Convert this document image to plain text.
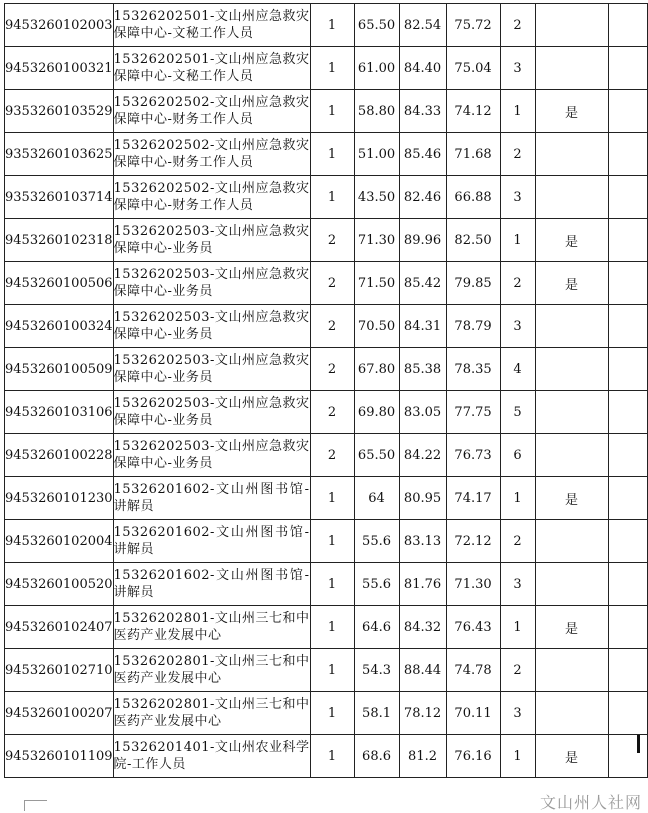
9453260102003	15326202501-文山州应急救灾保障中心-文秘工作人员	1	65.50	82.54	75.72	2		
9453260100321	15326202501-文山州应急救灾保障中心-文秘工作人员	1	61.00	84.40	75.04	3		
9353260103529	15326202502-文山州应急救灾保障中心-财务工作人员	1	58.80	84.33	74.12	1	是	
9353260103625	15326202502-文山州应急救灾保障中心-财务工作人员	1	51.00	85.46	71.68	2		
9353260103714	15326202502-文山州应急救灾保障中心-财务工作人员	1	43.50	82.46	66.88	3		
9453260102318	15326202503-文山州应急救灾保障中心-业务员	2	71.30	89.96	82.50	1	是	
9453260100506	15326202503-文山州应急救灾保障中心-业务员	2	71.50	85.42	79.85	2	是	
9453260100324	15326202503-文山州应急救灾保障中心-业务员	2	70.50	84.31	78.79	3		
9453260100509	15326202503-文山州应急救灾保障中心-业务员	2	67.80	85.38	78.35	4		
9453260103106	15326202503-文山州应急救灾保障中心-业务员	2	69.80	83.05	77.75	5		
9453260100228	15326202503-文山州应急救灾保障中心-业务员	2	65.50	84.22	76.73	6		
9453260101230	15326201602-文山州图书馆-讲解员	1	64	80.95	74.17	1	是	
9453260102004	15326201602-文山州图书馆-讲解员	1	55.6	83.13	72.12	2		
9453260100520	15326201602-文山州图书馆-讲解员	1	55.6	81.76	71.30	3		
9453260102407	15326202801-文山州三七和中医药产业发展中心	1	64.6	84.32	76.43	1	是	
9453260102710	15326202801-文山州三七和中医药产业发展中心	1	54.3	88.44	74.78	2		
9453260100207	15326202801-文山州三七和中医药产业发展中心	1	58.1	78.12	70.11	3		
9453260101109	15326201401-文山州农业科学院-工作人员	1	68.6	81.2	76.16	1	是	
文山州人社网
